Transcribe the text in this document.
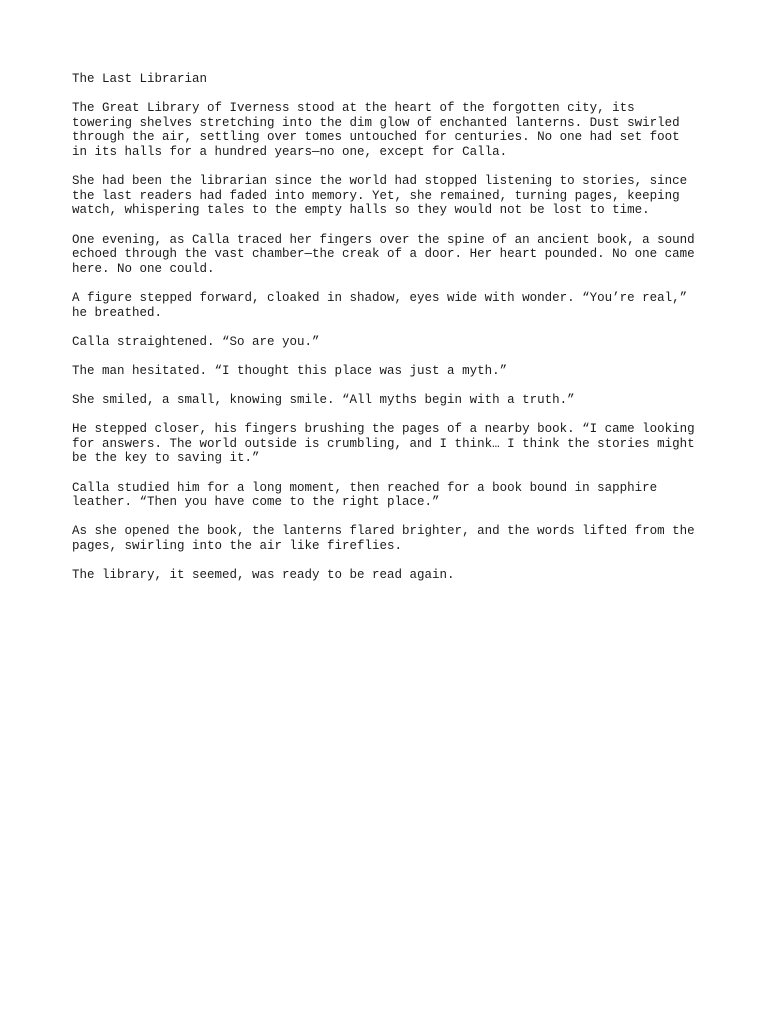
The Last Librarian

The Great Library of Iverness stood at the heart of the forgotten city, its
towering shelves stretching into the dim glow of enchanted lanterns. Dust swirled
through the air, settling over tomes untouched for centuries. No one had set foot
in its halls for a hundred years—no one, except for Calla.

She had been the librarian since the world had stopped listening to stories, since
the last readers had faded into memory. Yet, she remained, turning pages, keeping
watch, whispering tales to the empty halls so they would not be lost to time.

One evening, as Calla traced her fingers over the spine of an ancient book, a sound
echoed through the vast chamber—the creak of a door. Her heart pounded. No one came
here. No one could.

A figure stepped forward, cloaked in shadow, eyes wide with wonder. “You’re real,”
he breathed.

Calla straightened. “So are you.”

The man hesitated. “I thought this place was just a myth.”

She smiled, a small, knowing smile. “All myths begin with a truth.”

He stepped closer, his fingers brushing the pages of a nearby book. “I came looking
for answers. The world outside is crumbling, and I think… I think the stories might
be the key to saving it.”

Calla studied him for a long moment, then reached for a book bound in sapphire
leather. “Then you have come to the right place.”

As she opened the book, the lanterns flared brighter, and the words lifted from the
pages, swirling into the air like fireflies.

The library, it seemed, was ready to be read again.
